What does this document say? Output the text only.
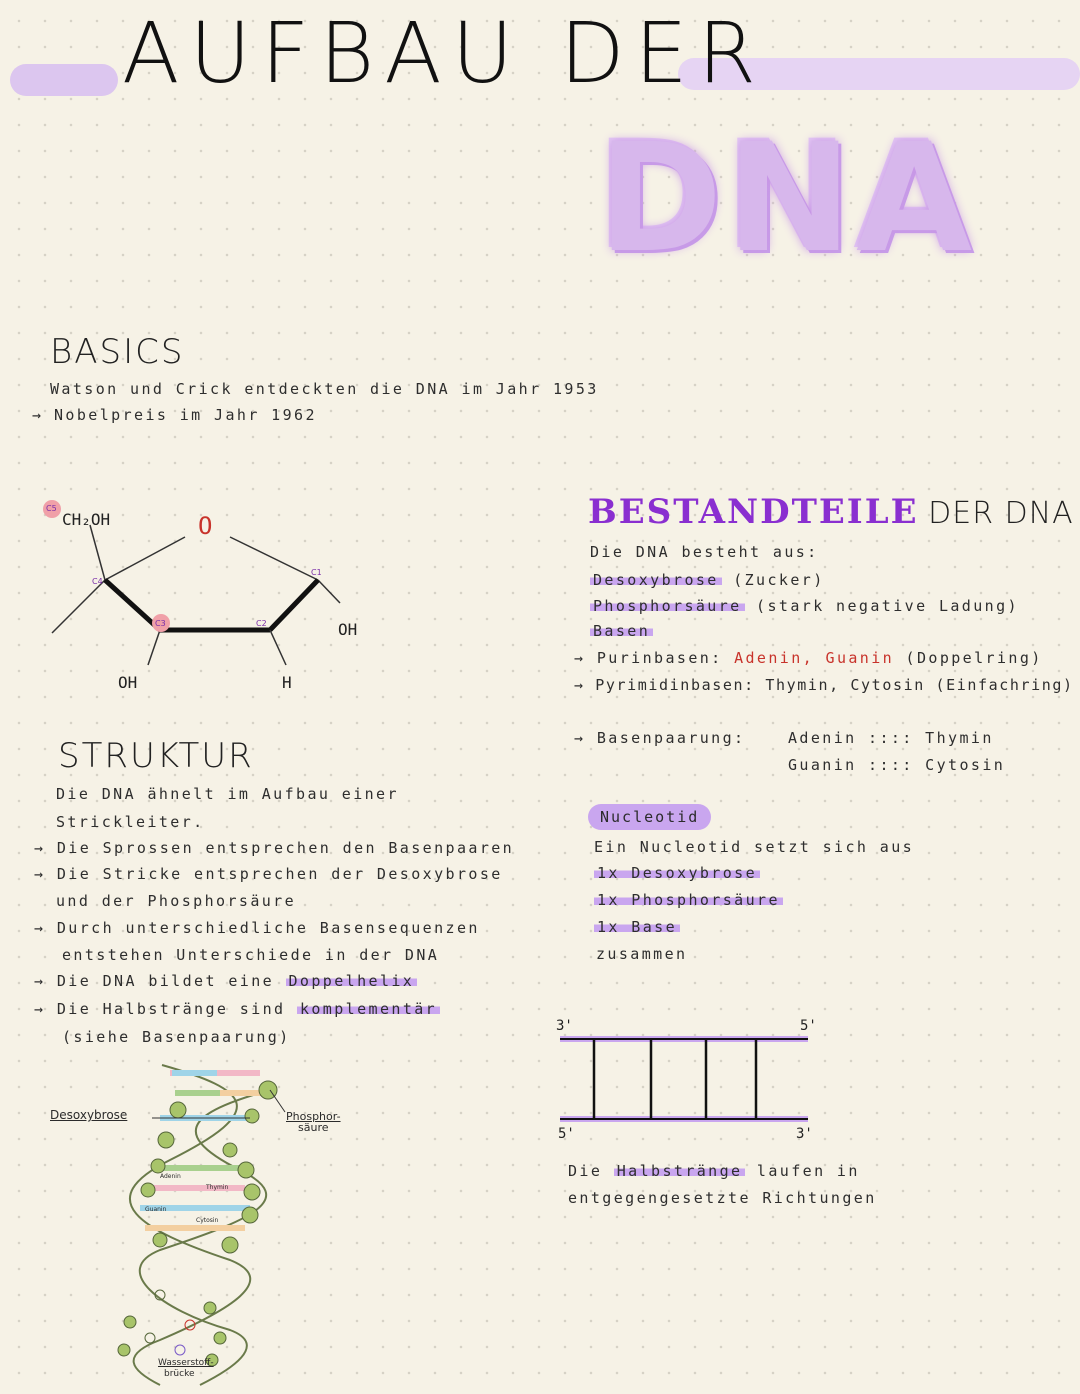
AUFBAU DER
DNA
BASICS
Watson und Crick entdeckten die DNA im Jahr 1953
→ Nobelpreis im Jahr 1962
C5
CH₂OH	O
C4
C3	C2
C1
OH
OH	H
BESTANDTEILE DER DNA
Die DNA besteht aus:
Desoxybrose (Zucker)
Phosphorsäure (stark negative Ladung)
Basen
→ Purinbasen: Adenin, Guanin (Doppelring)
→ Pyrimidinbasen: Thymin, Cytosin (Einfachring)
→ Basenpaarung:	Adenin :::: Thymin
Guanin :::: Cytosin
STRUKTUR
Die DNA ähnelt im Aufbau einer
Strickleiter.
→ Die Sprossen entsprechen den Basenpaaren
→ Die Stricke entsprechen der Desoxybrose
und der Phosphorsäure
→ Durch unterschiedliche Basensequenzen
entstehen Unterschiede in der DNA
→ Die DNA bildet eine Doppelhelix
→ Die Halbstränge sind komplementär
(siehe Basenpaarung)
Nucleotid
Ein Nucleotid setzt sich aus
1x Desoxybrose
1x Phosphorsäure
1x Base
zusammen
3'	5'
5'	3'
Die Halbstränge laufen in
entgegengesetzte Richtungen
Desoxybrose	Phosphor-
säure
Adenin
Thymin
Guanin
Cytosin
Wasserstoff-
brücke
